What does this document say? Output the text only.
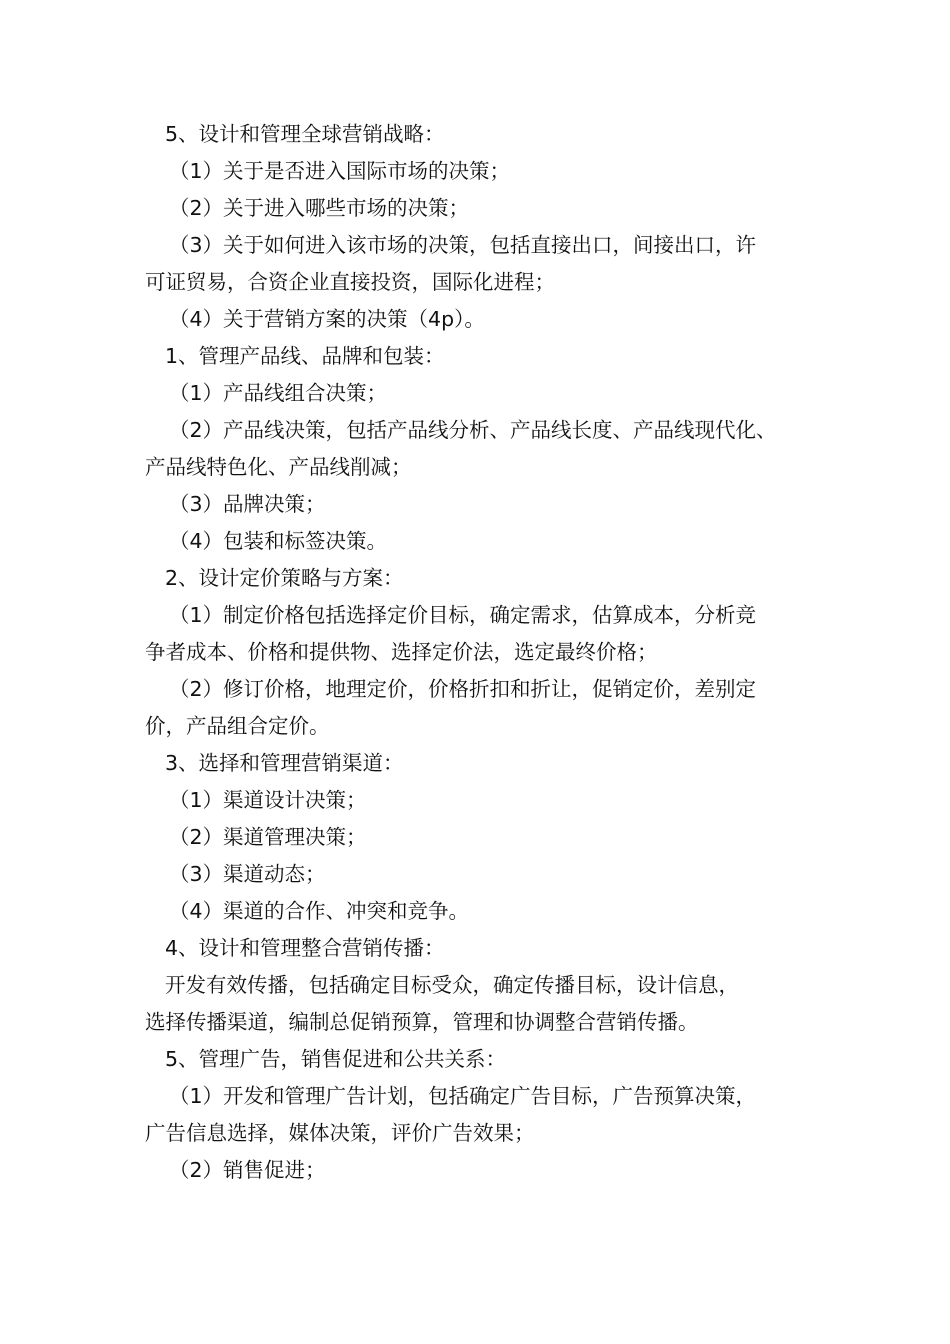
5、设计和管理全球营销战略：

（1）关于是否进入国际市场的决策；

（2）关于进入哪些市场的决策；

（3）关于如何进入该市场的决策，包括直接出口，间接出口，许

可证贸易，合资企业直接投资，国际化进程；

（4）关于营销方案的决策（4p）。

1、管理产品线、品牌和包装：

（1）产品线组合决策；

（2）产品线决策，包括产品线分析、产品线长度、产品线现代化、

产品线特色化、产品线削减；

（3）品牌决策；

（4）包装和标签决策。

2、设计定价策略与方案：

（1）制定价格包括选择定价目标，确定需求，估算成本，分析竞

争者成本、价格和提供物、选择定价法，选定最终价格；

（2）修订价格，地理定价，价格折扣和折让，促销定价，差别定

价，产品组合定价。

3、选择和管理营销渠道：

（1）渠道设计决策；

（2）渠道管理决策；

（3）渠道动态；

（4）渠道的合作、冲突和竞争。

4、设计和管理整合营销传播：

开发有效传播，包括确定目标受众，确定传播目标，设计信息，

选择传播渠道，编制总促销预算，管理和协调整合营销传播。

5、管理广告，销售促进和公共关系：

（1）开发和管理广告计划，包括确定广告目标，广告预算决策，

广告信息选择，媒体决策，评价广告效果；

（2）销售促进；
